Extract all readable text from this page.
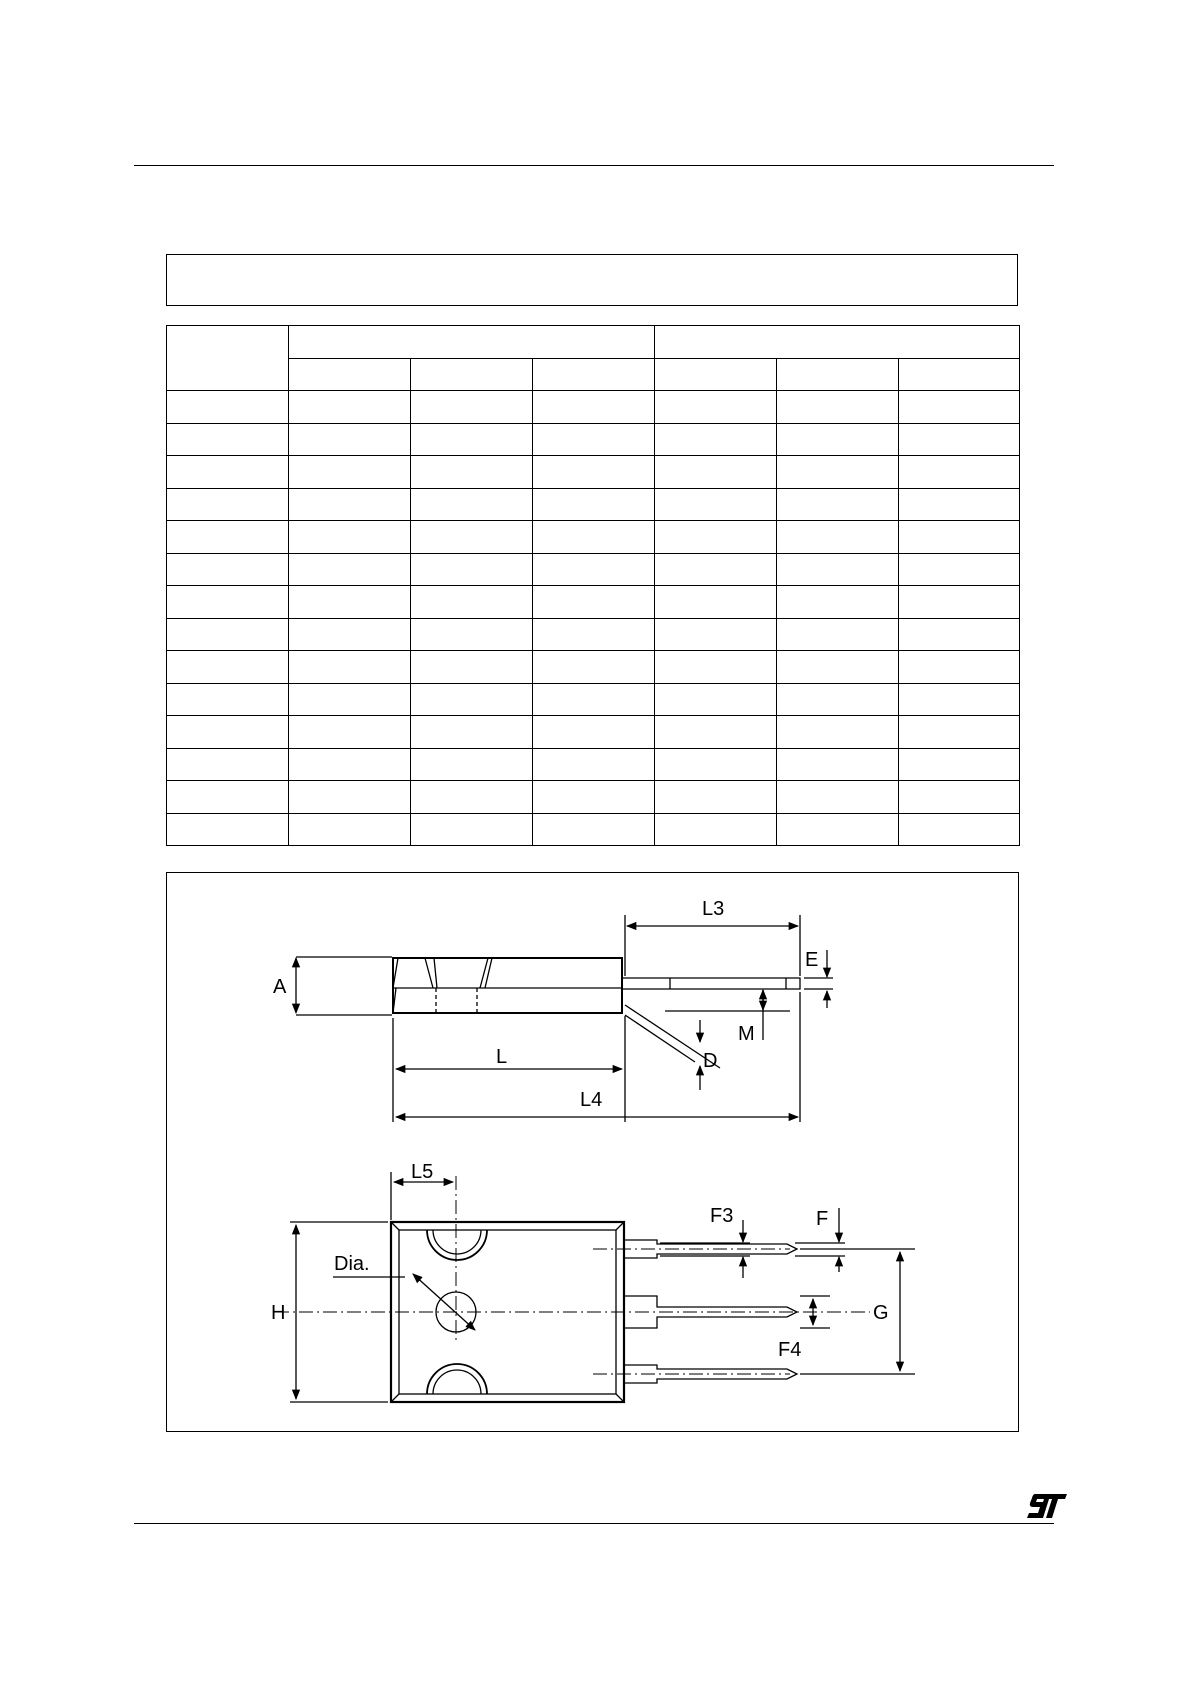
L3
E
A
M
D
L
L4
L5
F3	F
Dia.
H	G
F4
